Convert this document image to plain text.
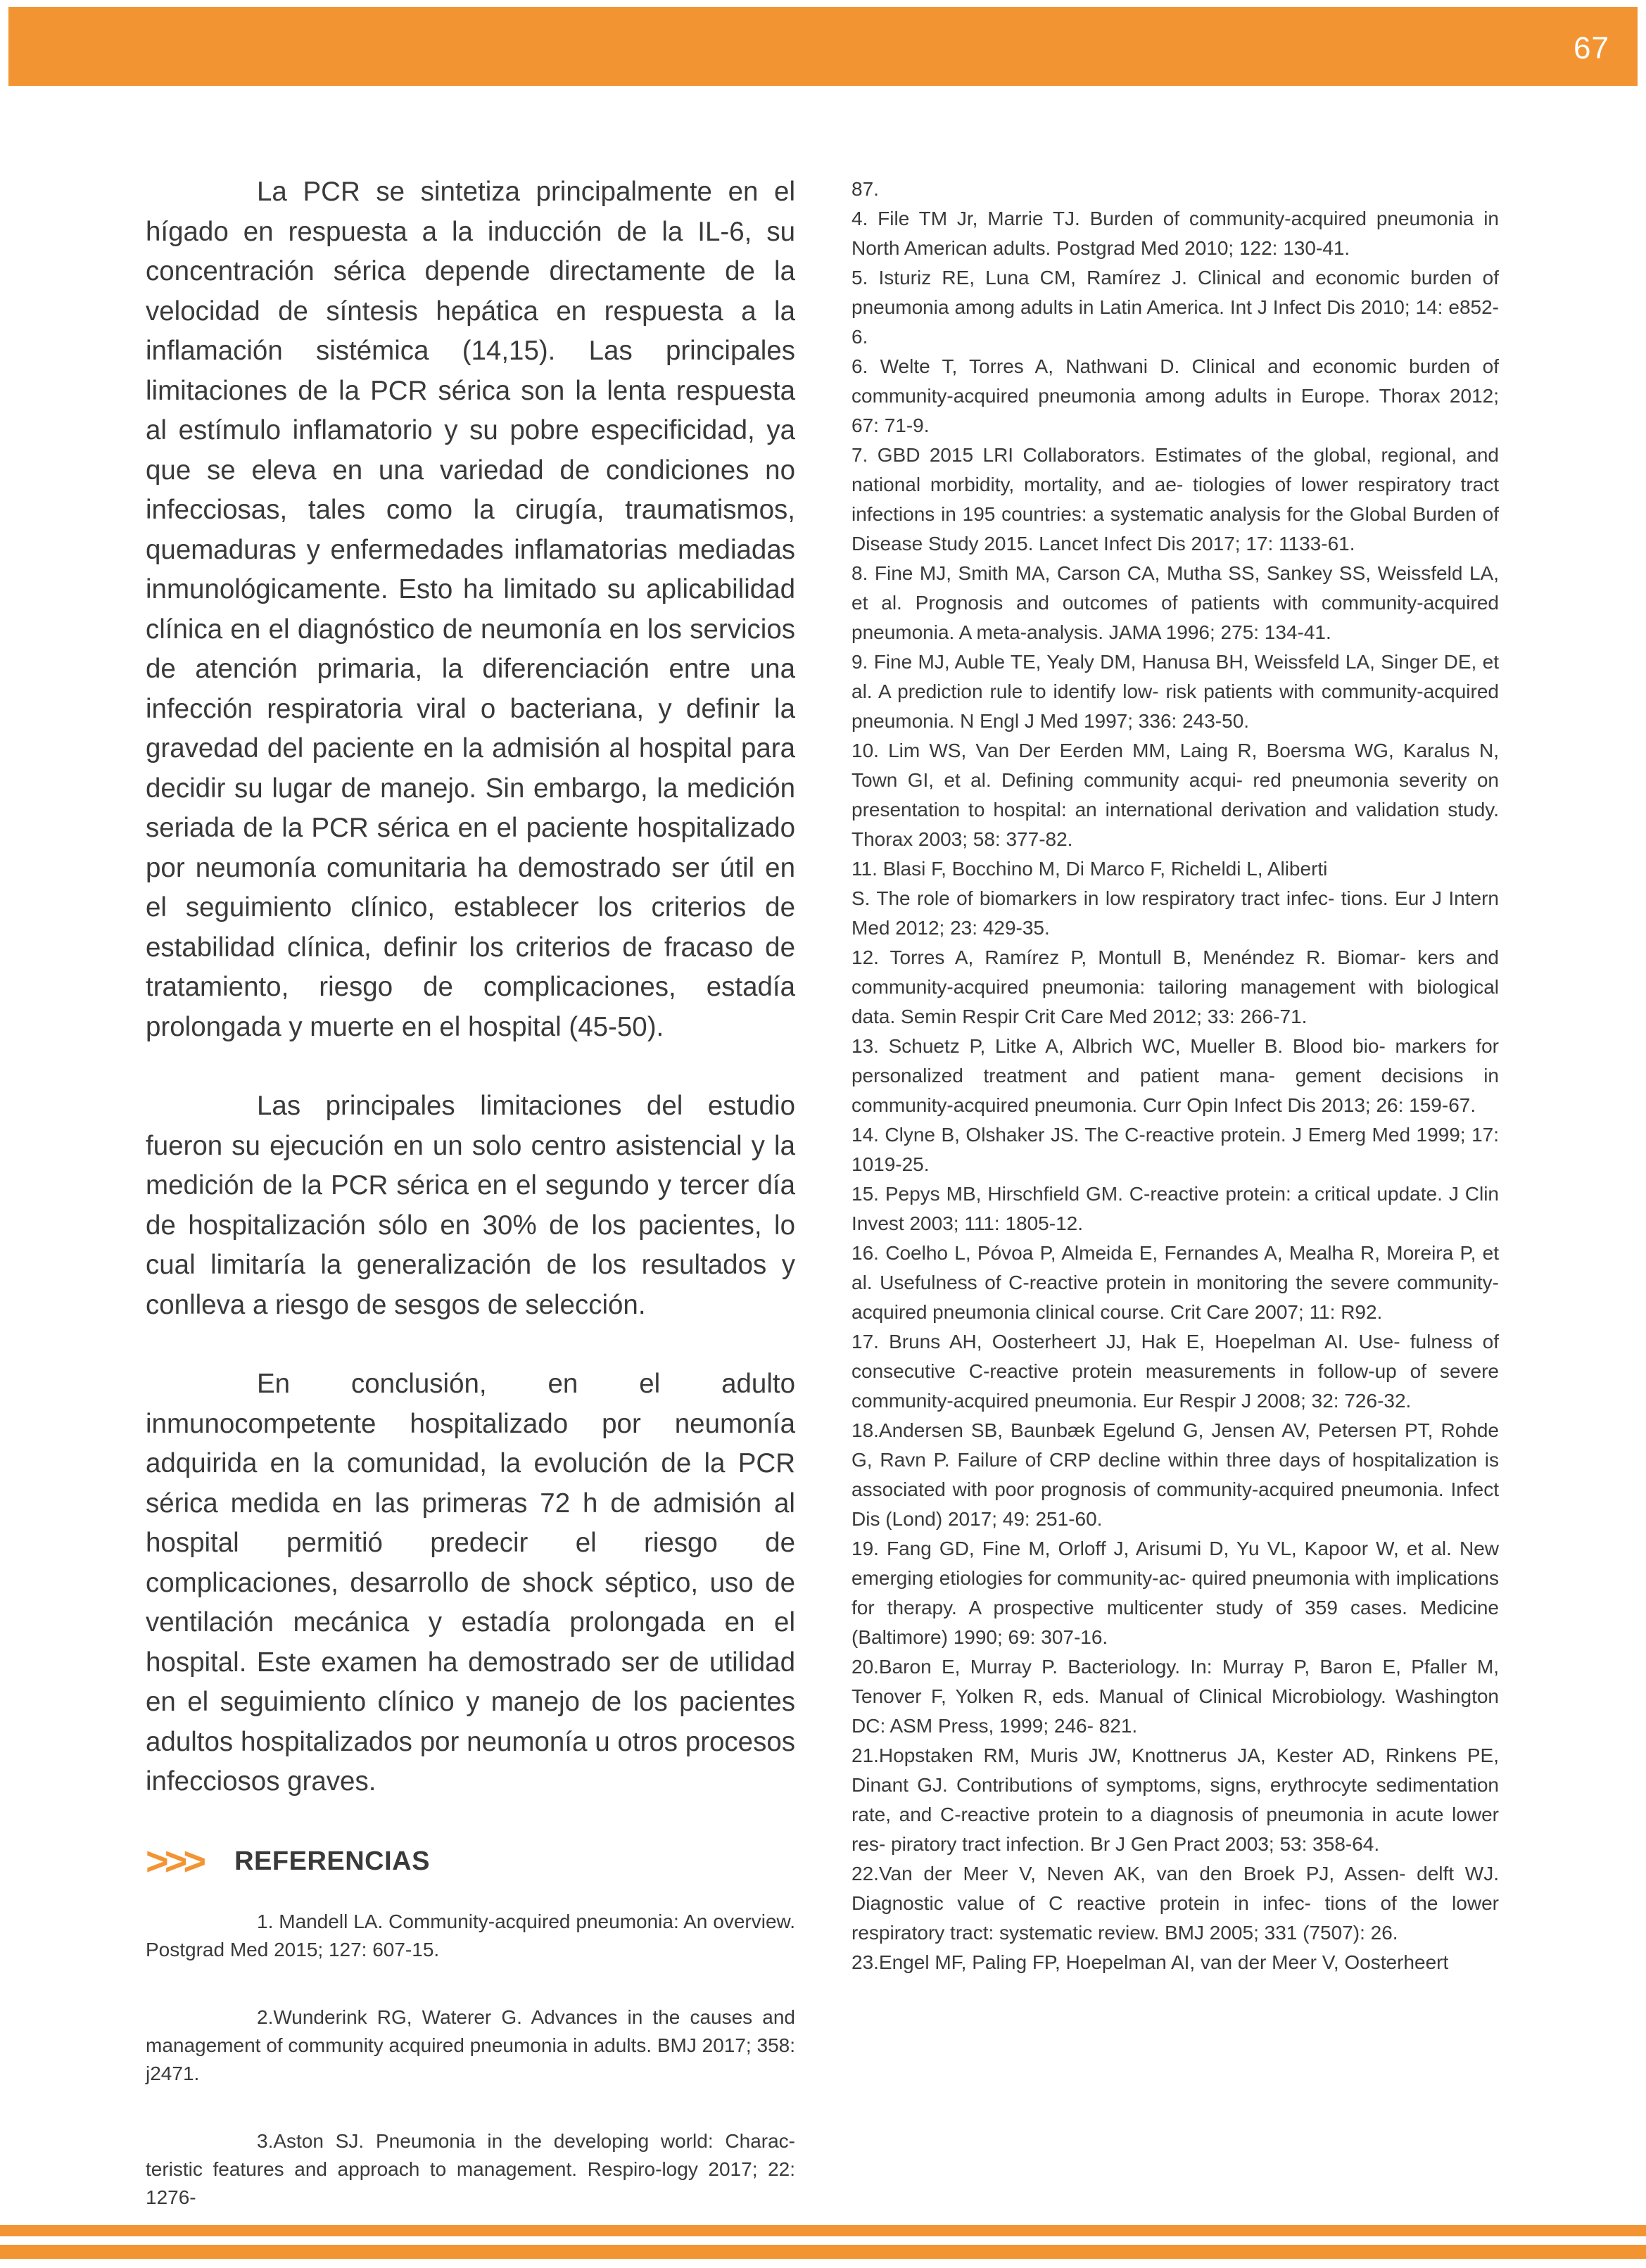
67

La PCR se sintetiza principalmente en el hígado en respuesta a la inducción de la IL-6, su concentración sérica depende directamente de la velocidad de síntesis hepática en respuesta a la inflamación sistémica (14,15). Las principales limitaciones de la PCR sérica son la lenta respuesta al estímulo inflamatorio y su pobre especificidad, ya que se eleva en una variedad de condiciones no infecciosas, tales como la cirugía, traumatismos, quemaduras y enfermedades inflamatorias mediadas inmunológicamente. Esto ha limitado su aplicabilidad clínica en el diagnóstico de neumonía en los servicios de atención primaria, la diferenciación entre una infección respiratoria viral o bacteriana, y definir la gravedad del paciente en la admisión al hospital para decidir su lugar de manejo. Sin embargo, la medición seriada de la PCR sérica en el paciente hospitalizado por neumonía comunitaria ha demostrado ser útil en el seguimiento clínico, establecer los criterios de estabilidad clínica, definir los criterios de fracaso de tratamiento, riesgo de complicaciones, estadía prolongada y muerte en el hospital (45-50).

Las principales limitaciones del estudio fueron su ejecución en un solo centro asistencial y la medición de la PCR sérica en el segundo y tercer día de hospitalización sólo en 30% de los pacientes, lo cual limitaría la generalización de los resultados y conlleva a riesgo de sesgos de selección.

En conclusión, en el adulto inmunocompetente hospitalizado por neumonía adquirida en la comunidad, la evolución de la PCR sérica medida en las primeras 72 h de admisión al hospital permitió predecir el riesgo de complicaciones, desarrollo de shock séptico, uso de ventilación mecánica y estadía prolongada en el hospital. Este examen ha demostrado ser de utilidad en el seguimiento clínico y manejo de los pacientes adultos hospitalizados por neumonía u otros procesos infecciosos graves.

>>> REFERENCIAS

1. Mandell LA. Community-acquired pneumonia: An overview. Postgrad Med 2015; 127: 607-15.

2.Wunderink RG, Waterer G. Advances in the causes and management of community acquired pneumonia in adults. BMJ 2017; 358: j2471.

3.Aston SJ. Pneumonia in the developing world: Charac- teristic features and approach to management. Respiro-logy 2017; 22: 1276-

87.

4. File TM Jr, Marrie TJ. Burden of community-acquired pneumonia in North American adults. Postgrad Med 2010; 122: 130-41.

5. Isturiz RE, Luna CM, Ramírez J. Clinical and economic burden of pneumonia among adults in Latin America. Int J Infect Dis 2010; 14: e852-6.

6. Welte T, Torres A, Nathwani D. Clinical and economic burden of community-acquired pneumonia among adults in Europe. Thorax 2012; 67: 71-9.

7. GBD 2015 LRI Collaborators. Estimates of the global, regional, and national morbidity, mortality, and ae- tiologies of lower respiratory tract infections in 195 countries: a systematic analysis for the Global Burden of Disease Study 2015. Lancet Infect Dis 2017; 17: 1133-61.

8. Fine MJ, Smith MA, Carson CA, Mutha SS, Sankey SS, Weissfeld LA, et al. Prognosis and outcomes of patients with community-acquired pneumonia. A meta-analysis. JAMA 1996; 275: 134-41.

9. Fine MJ, Auble TE, Yealy DM, Hanusa BH, Weissfeld LA, Singer DE, et al. A prediction rule to identify low- risk patients with community-acquired pneumonia. N Engl J Med 1997; 336: 243-50.

10. Lim WS, Van Der Eerden MM, Laing R, Boersma WG, Karalus N, Town GI, et al. Defining community acqui- red pneumonia severity on presentation to hospital: an international derivation and validation study. Thorax 2003; 58: 377-82.

11. Blasi F, Bocchino M, Di Marco F, Richeldi L, Aliberti

S. The role of biomarkers in low respiratory tract infec- tions. Eur J Intern Med 2012; 23: 429-35.

12. Torres A, Ramírez P, Montull B, Menéndez R. Biomar- kers and community-acquired pneumonia: tailoring management with biological data. Semin Respir Crit Care Med 2012; 33: 266-71.

13. Schuetz P, Litke A, Albrich WC, Mueller B. Blood bio- markers for personalized treatment and patient mana- gement decisions in community-acquired pneumonia. Curr Opin Infect Dis 2013; 26: 159-67.

14. Clyne B, Olshaker JS. The C-reactive protein. J Emerg Med 1999; 17: 1019-25.

15. Pepys MB, Hirschfield GM. C-reactive protein: a critical update. J Clin Invest 2003; 111: 1805-12.

16. Coelho L, Póvoa P, Almeida E, Fernandes A, Mealha R, Moreira P, et al. Usefulness of C-reactive protein in monitoring the severe community-acquired pneumonia clinical course. Crit Care 2007; 11: R92.

17. Bruns AH, Oosterheert JJ, Hak E, Hoepelman AI. Use- fulness of consecutive C-reactive protein measurements in follow-up of severe community-acquired pneumonia. Eur Respir J 2008; 32: 726-32.

18.Andersen SB, Baunbæk Egelund G, Jensen AV, Petersen PT, Rohde G, Ravn P. Failure of CRP decline within three days of hospitalization is associated with poor prognosis of community-acquired pneumonia. Infect Dis (Lond) 2017; 49: 251-60.

19. Fang GD, Fine M, Orloff J, Arisumi D, Yu VL, Kapoor W, et al. New emerging etiologies for community-ac- quired pneumonia with implications for therapy. A prospective multicenter study of 359 cases. Medicine (Baltimore) 1990; 69: 307-16.

20.Baron E, Murray P. Bacteriology. In: Murray P, Baron E, Pfaller M, Tenover F, Yolken R, eds. Manual of Clinical Microbiology. Washington DC: ASM Press, 1999; 246- 821.

21.Hopstaken RM, Muris JW, Knottnerus JA, Kester AD, Rinkens PE, Dinant GJ. Contributions of symptoms, signs, erythrocyte sedimentation rate, and C-reactive protein to a diagnosis of pneumonia in acute lower res- piratory tract infection. Br J Gen Pract 2003; 53: 358-64.

22.Van der Meer V, Neven AK, van den Broek PJ, Assen- delft WJ. Diagnostic value of C reactive protein in infec- tions of the lower respiratory tract: systematic review. BMJ 2005; 331 (7507): 26.

23.Engel MF, Paling FP, Hoepelman AI, van der Meer V, Oosterheert
